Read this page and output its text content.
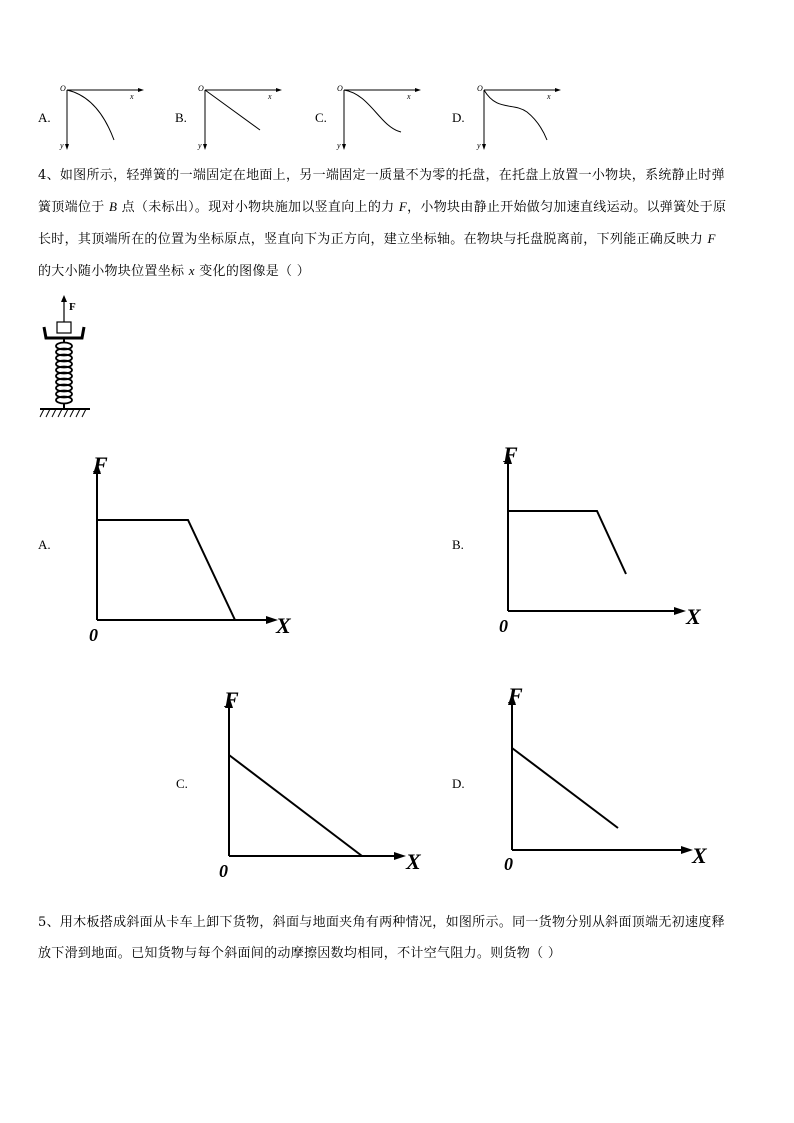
A.
O
x
y
B.
O
x
y
C.
O
x
y
D.
O
x
y
4、如图所示，轻弹簧的一端固定在地面上，另一端固定一质量不为零的托盘，在托盘上放置一小物块，系统静止时弹
簧顶端位于 B 点（未标出）。现对小物块施加以竖直向上的力 F，小物块由静止开始做匀加速直线运动。以弹簧处于原
长时，其顶端所在的位置为坐标原点，竖直向下为正方向，建立坐标轴。在物块与托盘脱离前，下列能正确反映力 F
的大小随小物块位置坐标 x 变化的图像是（ ）
F
A.
F
X
0
B.
F
X
0
C.
F
X
0
D.
F
X
0
5、用木板搭成斜面从卡车上卸下货物，斜面与地面夹角有两种情况，如图所示。同一货物分别从斜面顶端无初速度释
放下滑到地面。已知货物与每个斜面间的动摩擦因数均相同，不计空气阻力。则货物（ ）
